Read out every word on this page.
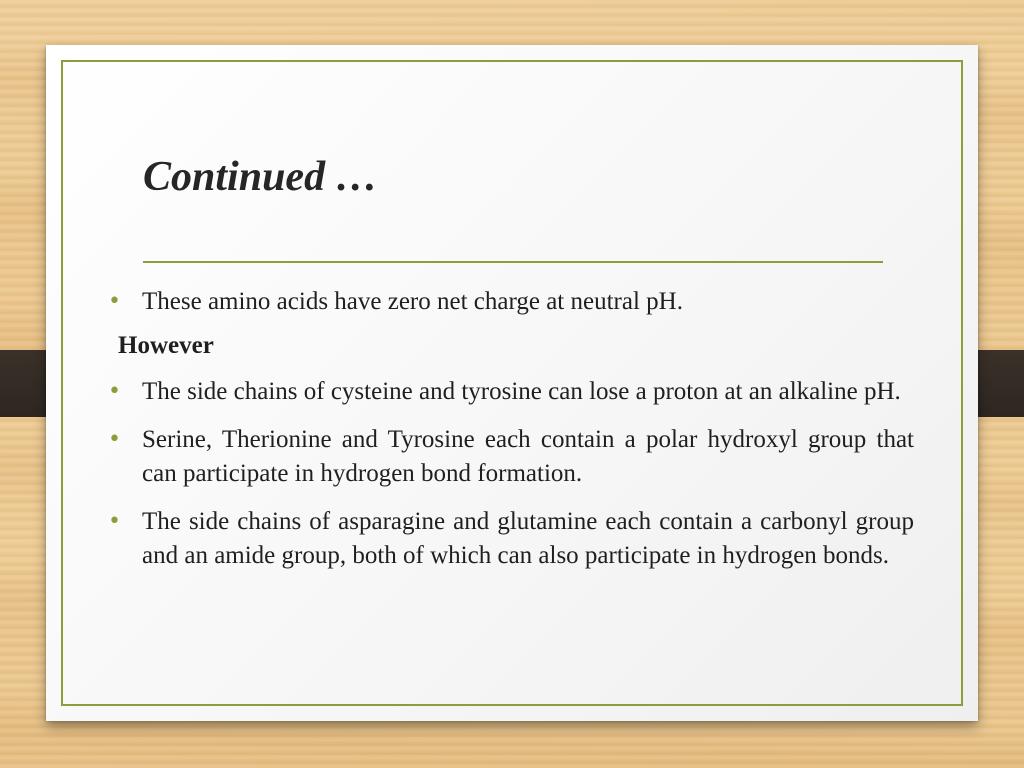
Continued …
• These amino acids have zero net charge at neutral pH.
However
• The side chains of cysteine and tyrosine can lose a proton at an alkaline pH.
• Serine, Therionine and Tyrosine each contain a polar hydroxyl group that can participate in hydrogen bond formation.
• The side chains of asparagine and glutamine each contain a carbonyl group and an amide group, both of which can also participate in hydrogen bonds.
